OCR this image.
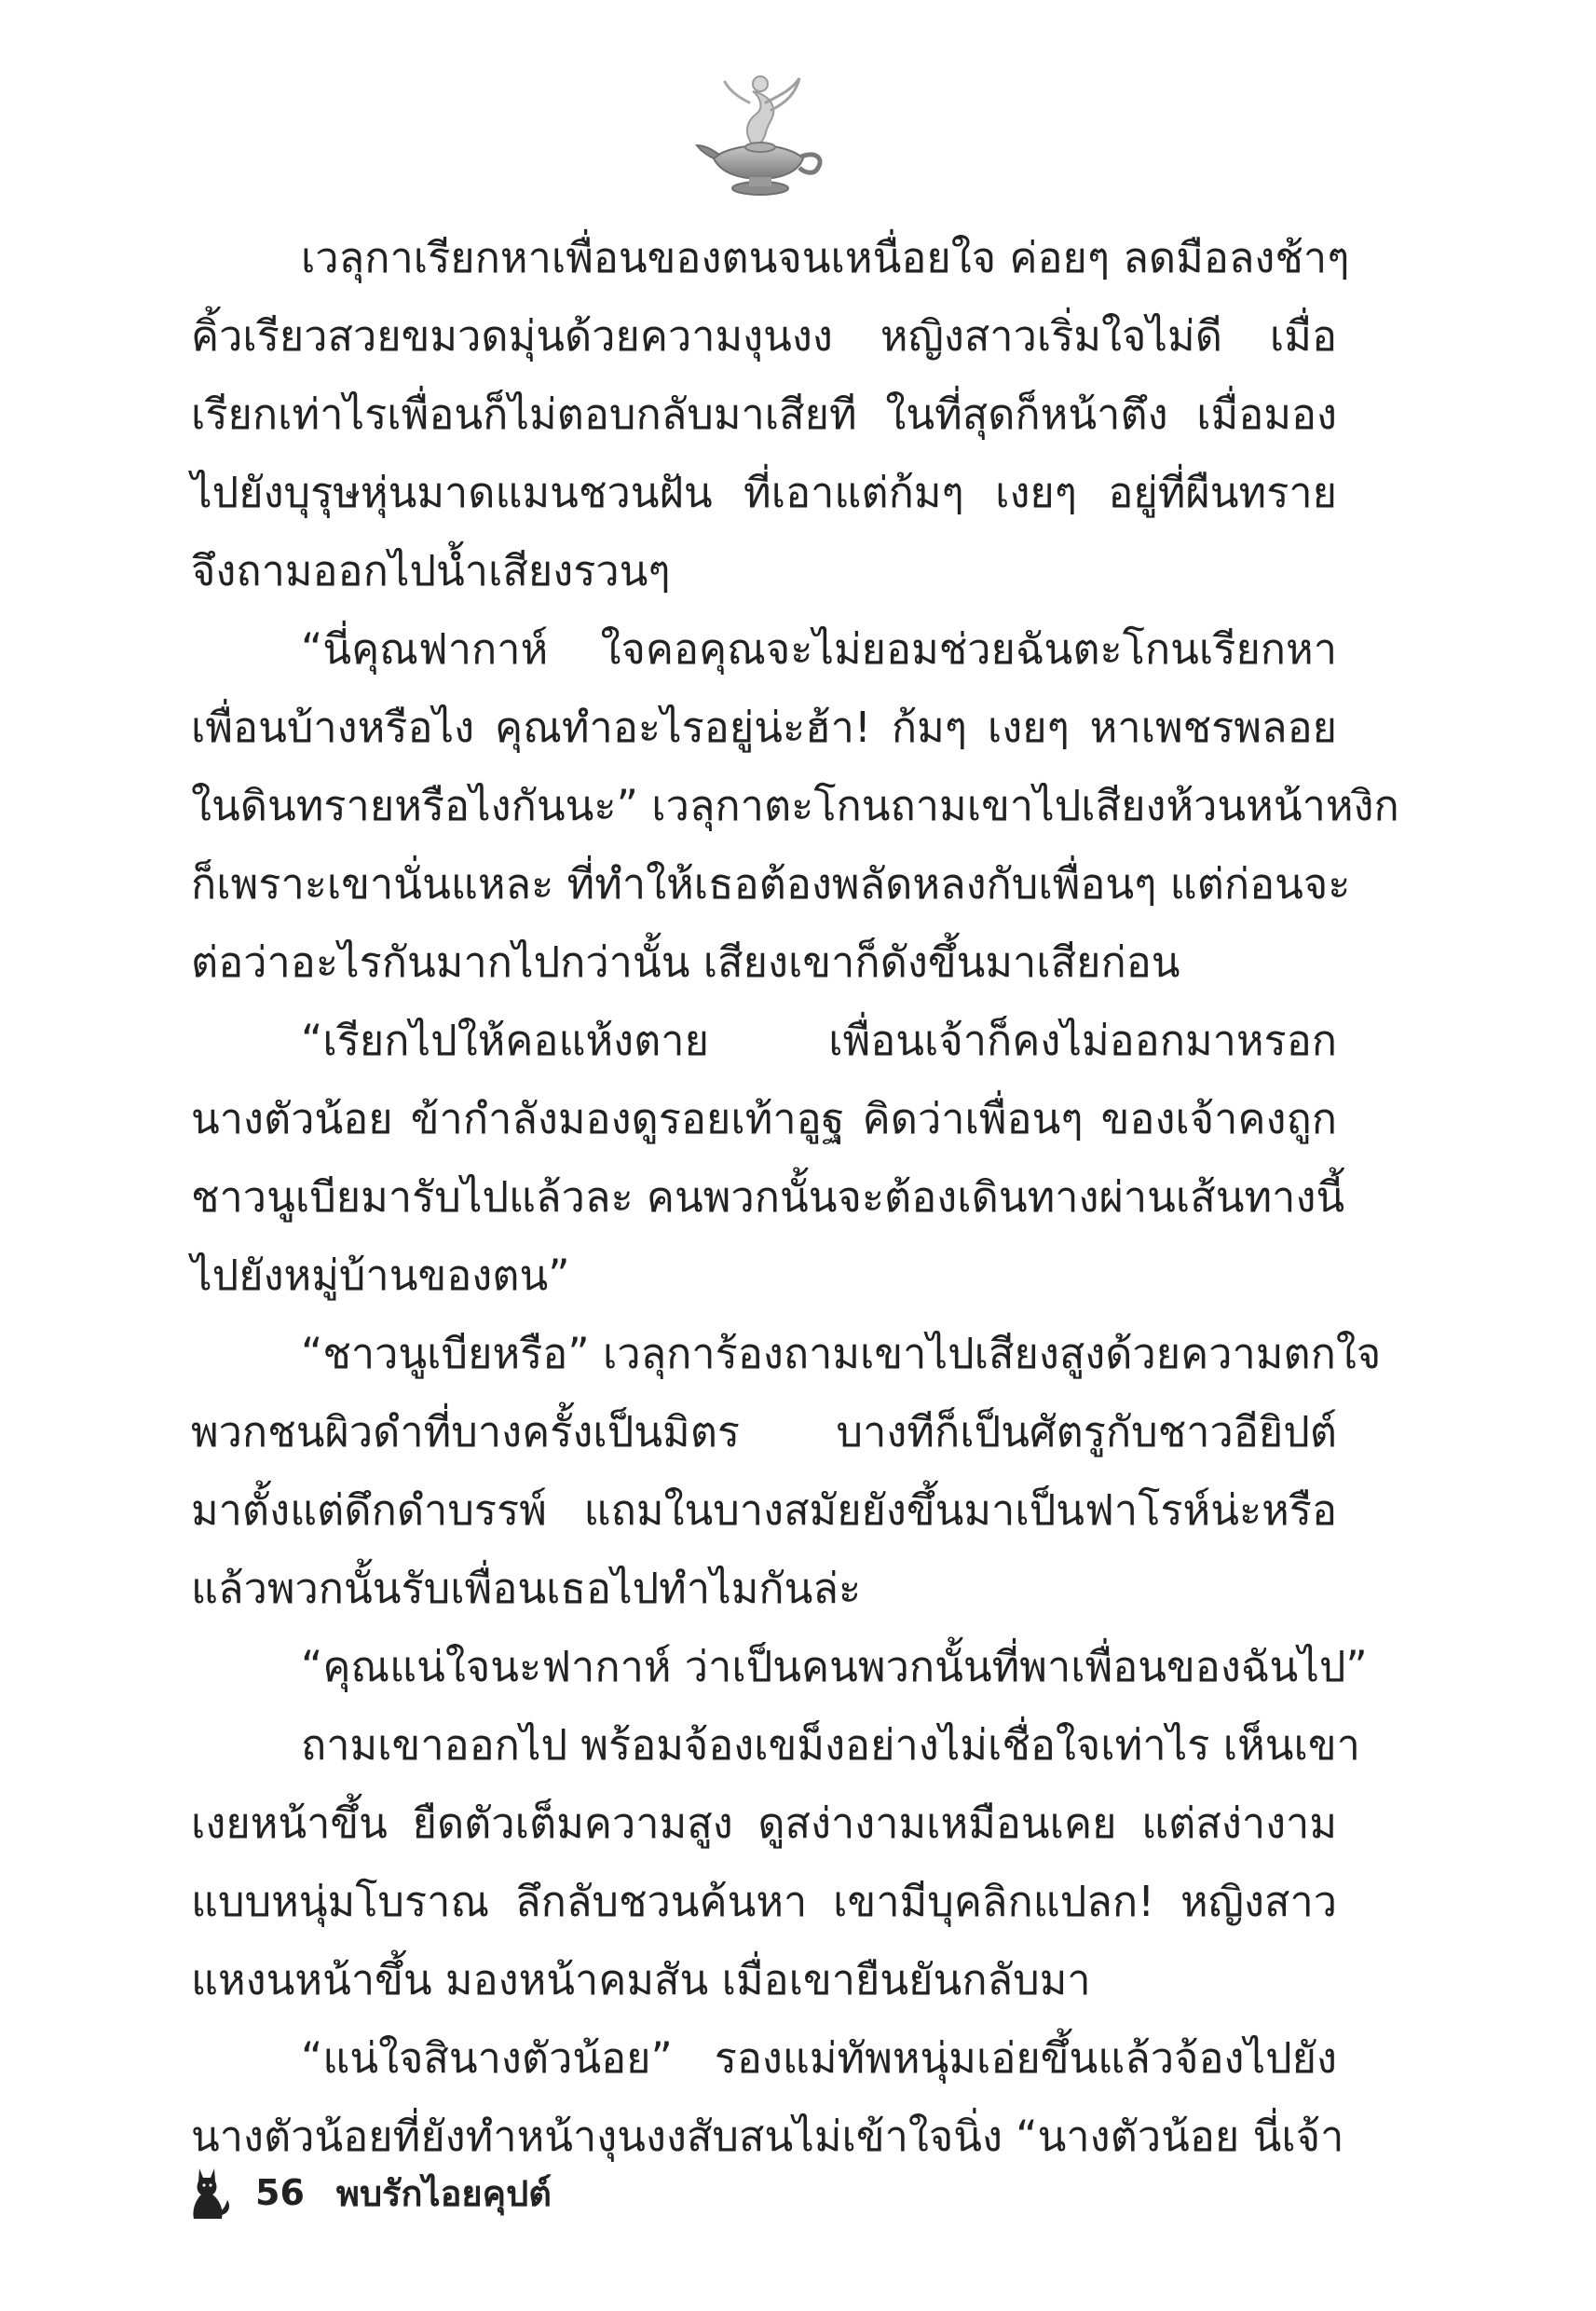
เวลุกาเรียกหาเพื่อนของตนจนเหนื่อยใจ ค่อยๆ ลดมือลงช้าๆ
คิ้วเรียวสวยขมวดมุ่นด้วยความงุนงง หญิงสาวเริ่มใจไม่ดี เมื่อ
เรียกเท่าไรเพื่อนก็ไม่ตอบกลับมาเสียที ในที่สุดก็หน้าตึง เมื่อมอง
ไปยังบุรุษหุ่นมาดแมนชวนฝัน ที่เอาแต่ก้มๆ เงยๆ อยู่ที่ผืนทราย
จึงถามออกไปน้ำเสียงรวนๆ
“นี่คุณฟากาห์ ใจคอคุณจะไม่ยอมช่วยฉันตะโกนเรียกหา
เพื่อนบ้างหรือไง คุณทำอะไรอยู่น่ะฮ้า! ก้มๆ เงยๆ หาเพชรพลอย
ในดินทรายหรือไงกันนะ” เวลุกาตะโกนถามเขาไปเสียงห้วนหน้าหงิก
ก็เพราะเขานั่นแหละ ที่ทำให้เธอต้องพลัดหลงกับเพื่อนๆ แต่ก่อนจะ
ต่อว่าอะไรกันมากไปกว่านั้น เสียงเขาก็ดังขึ้นมาเสียก่อน
“เรียกไปให้คอแห้งตาย เพื่อนเจ้าก็คงไม่ออกมาหรอก
นางตัวน้อย ข้ากำลังมองดูรอยเท้าอูฐ คิดว่าเพื่อนๆ ของเจ้าคงถูก
ชาวนูเบียมารับไปแล้วละ คนพวกนั้นจะต้องเดินทางผ่านเส้นทางนี้
ไปยังหมู่บ้านของตน”
“ชาวนูเบียหรือ” เวลุการ้องถามเขาไปเสียงสูงด้วยความตกใจ
พวกชนผิวดำที่บางครั้งเป็นมิตร บางทีก็เป็นศัตรูกับชาวอียิปต์
มาตั้งแต่ดึกดำบรรพ์ แถมในบางสมัยยังขึ้นมาเป็นฟาโรห์น่ะหรือ
แล้วพวกนั้นรับเพื่อนเธอไปทำไมกันล่ะ
“คุณแน่ใจนะฟากาห์ ว่าเป็นคนพวกนั้นที่พาเพื่อนของฉันไป”
ถามเขาออกไป พร้อมจ้องเขม็งอย่างไม่เชื่อใจเท่าไร เห็นเขา
เงยหน้าขึ้น ยืดตัวเต็มความสูง ดูสง่างามเหมือนเคย แต่สง่างาม
แบบหนุ่มโบราณ ลึกลับชวนค้นหา เขามีบุคลิกแปลก! หญิงสาว
แหงนหน้าขึ้น มองหน้าคมสัน เมื่อเขายืนยันกลับมา
“แน่ใจสินางตัวน้อย” รองแม่ทัพหนุ่มเอ่ยขึ้นแล้วจ้องไปยัง
นางตัวน้อยที่ยังทำหน้างุนงงสับสนไม่เข้าใจนิ่ง “นางตัวน้อย นี่เจ้า
56 พบรักไอยคุปต์
